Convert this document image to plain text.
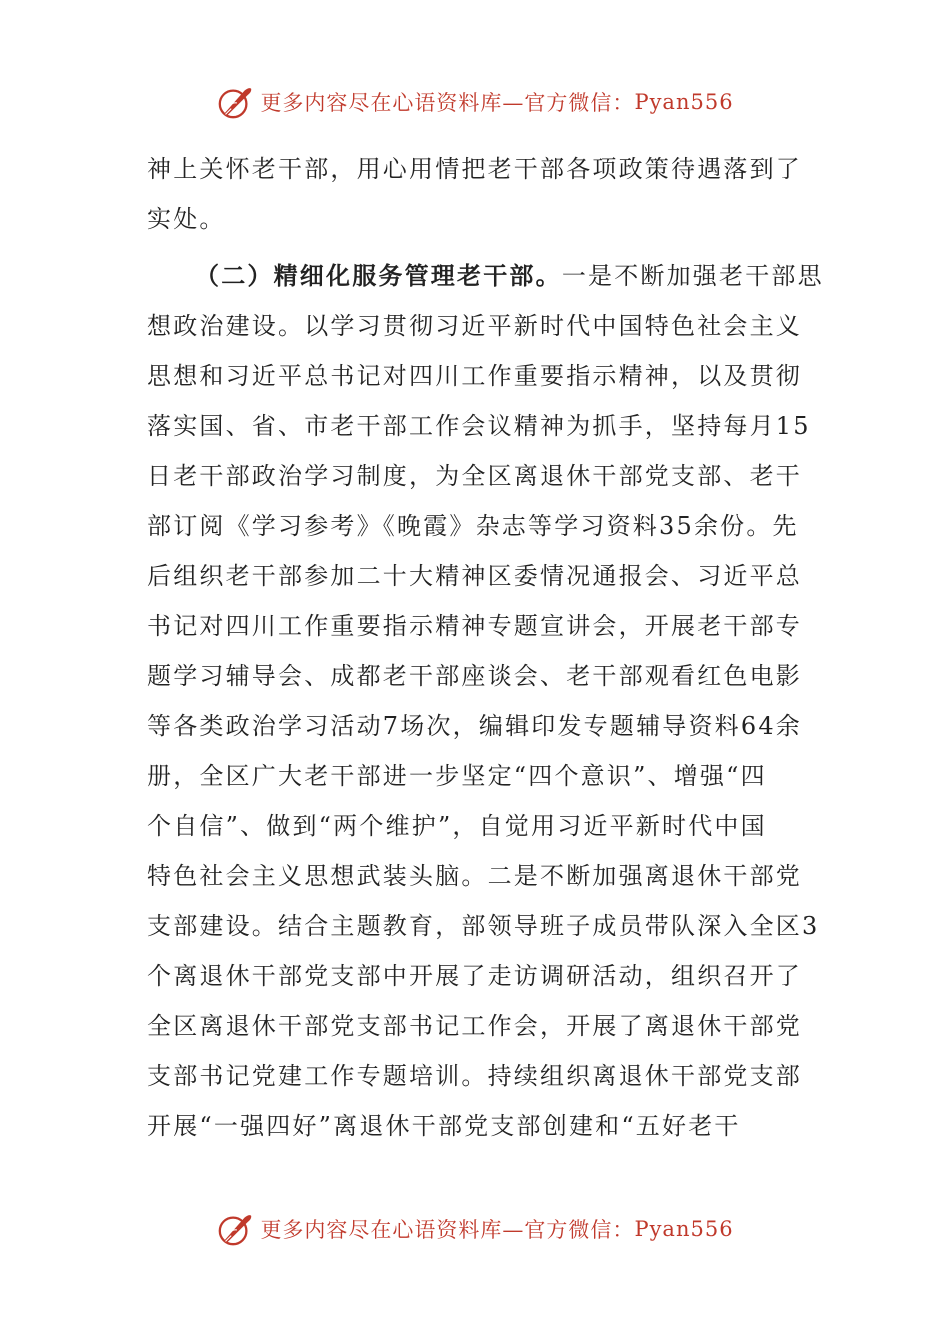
更多内容尽在心语资料库—官方微信： Pyan556
神上关怀老干部，用心用情把老干部各项政策待遇落到了
实处。
（二）精细化服务管理老干部。一是不断加强老干部思
想政治建设。以学习贯彻习近平新时代中国特色社会主义
思想和习近平总书记对四川工作重要指示精神，以及贯彻
落实国、省、市老干部工作会议精神为抓手，坚持每月15
日老干部政治学习制度，为全区离退休干部党支部、老干
部订阅《学习参考》《晚霞》杂志等学习资料35余份。先
后组织老干部参加二十大精神区委情况通报会、习近平总
书记对四川工作重要指示精神专题宣讲会，开展老干部专
题学习辅导会、成都老干部座谈会、老干部观看红色电影
等各类政治学习活动7场次，编辑印发专题辅导资料64余
册，全区广大老干部进一步坚定“四个意识”、增强“四
个自信”、做到“两个维护”，自觉用习近平新时代中国
特色社会主义思想武装头脑。二是不断加强离退休干部党
支部建设。结合主题教育，部领导班子成员带队深入全区3
个离退休干部党支部中开展了走访调研活动，组织召开了
全区离退休干部党支部书记工作会，开展了离退休干部党
支部书记党建工作专题培训。持续组织离退休干部党支部
开展“一强四好”离退休干部党支部创建和“五好老干
更多内容尽在心语资料库—官方微信： Pyan556
